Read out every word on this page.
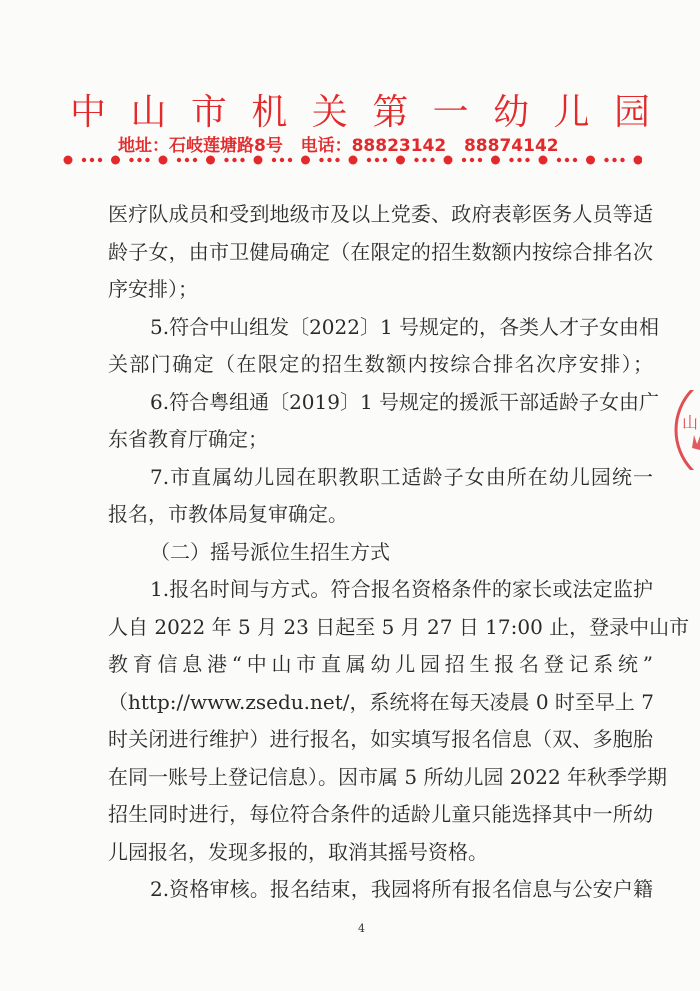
中 山 市 机 关 第 一 幼 儿 园
地址：石岐莲塘路8号   电话：88823142   88874142
医疗队成员和受到地级市及以上党委、政府表彰医务人员等适
龄子女，由市卫健局确定（在限定的招生数额内按综合排名次
序安排）；
5.符合中山组发〔2022〕1 号规定的，各类人才子女由相
关部门确定（在限定的招生数额内按综合排名次序安排）；
6.符合粤组通〔2019〕1 号规定的援派干部适龄子女由广
东省教育厅确定；
7.市直属幼儿园在职教职工适龄子女由所在幼儿园统一
报名，市教体局复审确定。
（二）摇号派位生招生方式
1.报名时间与方式。符合报名资格条件的家长或法定监护
人自 2022 年 5 月 23 日起至 5 月 27 日 17:00 止，登录中山市
教育信息港“中山市直属幼儿园招生报名登记系统”
（http://www.zsedu.net/，系统将在每天凌晨 0 时至早上 7
时关闭进行维护）进行报名，如实填写报名信息（双、多胞胎
在同一账号上登记信息）。因市属 5 所幼儿园 2022 年秋季学期
招生同时进行，每位符合条件的适龄儿童只能选择其中一所幼
儿园报名，发现多报的，取消其摇号资格。
2.资格审核。报名结束，我园将所有报名信息与公安户籍
4
山
